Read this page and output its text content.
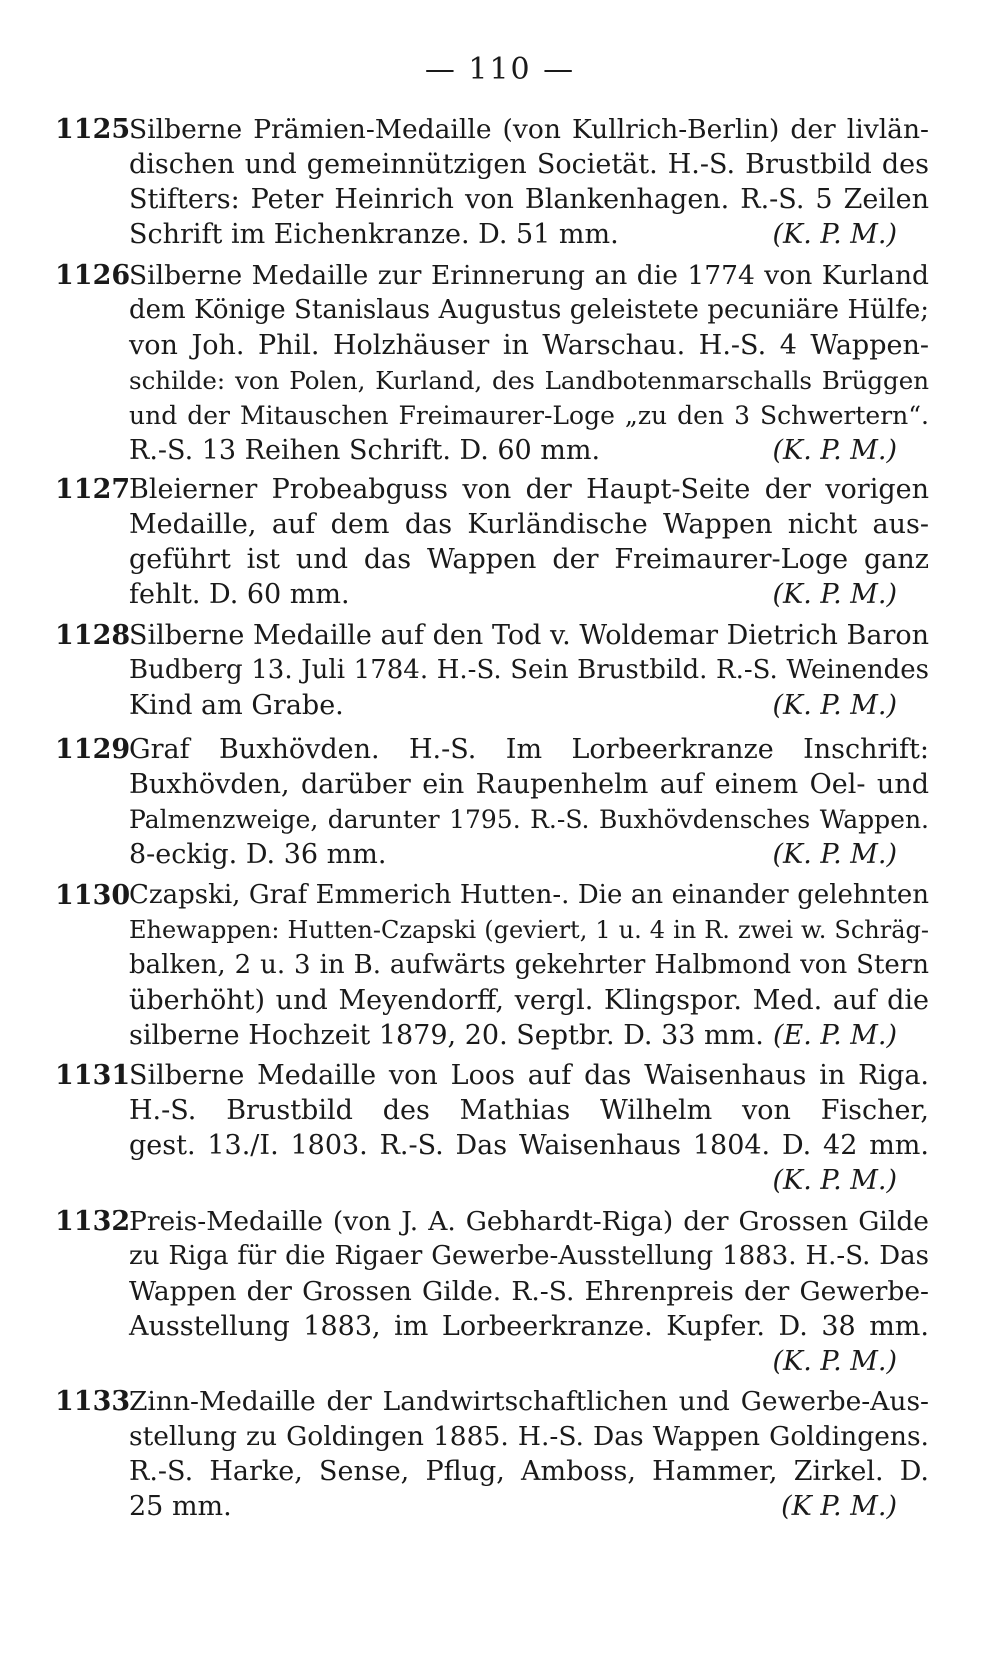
— 110 —
1125
Silberne Prämien-Medaille (von Kullrich-Berlin) der livlän-
dischen und gemeinnützigen Societät. H.-S. Brustbild des
Stifters: Peter Heinrich von Blankenhagen. R.-S. 5 Zeilen
Schrift im Eichenkranze. D. 51 mm.	(K. P. M.)
1126
Silberne Medaille zur Erinnerung an die 1774 von Kurland
dem Könige Stanislaus Augustus geleistete pecuniäre Hülfe;
von Joh. Phil. Holzhäuser in Warschau. H.-S. 4 Wappen-
schilde: von Polen, Kurland, des Landbotenmarschalls Brüggen
und der Mitauschen Freimaurer-Loge „zu den 3 Schwertern“.
R.-S. 13 Reihen Schrift. D. 60 mm.	(K. P. M.)
1127
Bleierner Probeabguss von der Haupt-Seite der vorigen
Medaille, auf dem das Kurländische Wappen nicht aus-
geführt ist und das Wappen der Freimaurer-Loge ganz
fehlt. D. 60 mm.	(K. P. M.)
1128
Silberne Medaille auf den Tod v. Woldemar Dietrich Baron
Budberg 13. Juli 1784. H.-S. Sein Brustbild. R.-S. Weinendes
Kind am Grabe.	(K. P. M.)
1129
Graf Buxhövden. H.-S. Im Lorbeerkranze Inschrift:
Buxhövden, darüber ein Raupenhelm auf einem Oel- und
Palmenzweige, darunter 1795. R.-S. Buxhövdensches Wappen.
8-eckig. D. 36 mm.	(K. P. M.)
1130
Czapski, Graf Emmerich Hutten-. Die an einander gelehnten
Ehewappen: Hutten-Czapski (geviert, 1 u. 4 in R. zwei w. Schräg-
balken, 2 u. 3 in B. aufwärts gekehrter Halbmond von Stern
überhöht) und Meyendorff, vergl. Klingspor. Med. auf die
silberne Hochzeit 1879, 20. Septbr. D. 33 mm. (E. P. M.)
1131
Silberne Medaille von Loos auf das Waisenhaus in Riga.
H.-S. Brustbild des Mathias Wilhelm von Fischer,
gest. 13./I. 1803. R.-S. Das Waisenhaus 1804. D. 42 mm.
(K. P. M.)
1132
Preis-Medaille (von J. A. Gebhardt-Riga) der Grossen Gilde
zu Riga für die Rigaer Gewerbe-Ausstellung 1883. H.-S. Das
Wappen der Grossen Gilde. R.-S. Ehrenpreis der Gewerbe-
Ausstellung 1883, im Lorbeerkranze. Kupfer. D. 38 mm.
(K. P. M.)
1133
Zinn-Medaille der Landwirtschaftlichen und Gewerbe-Aus-
stellung zu Goldingen 1885. H.-S. Das Wappen Goldingens.
R.-S. Harke, Sense, Pflug, Amboss, Hammer, Zirkel. D.
25 mm.	(K P. M.)
